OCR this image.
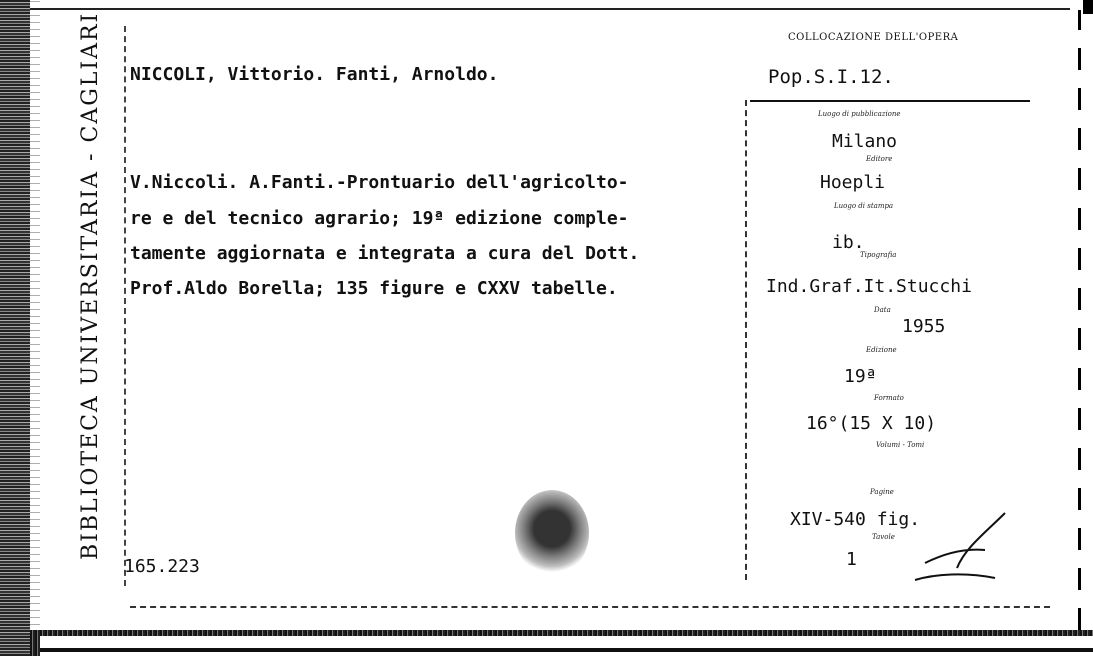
BIBLIOTECA UNIVERSITARIA - CAGLIARI NICCOLI, Vittorio. Fanti, Arnoldo.
V.Niccoli. A.Fanti.-Prontuario dell'agricolto-
re e del tecnico agrario; 19ª edizione comple-
tamente aggiornata e integrata a cura del Dott.
Prof.Aldo Borella; 135 figure e CXXV tabelle.
165.223
COLLOCAZIONE DELL'OPERA
Pop.S.I.12.
Luogo di pubblicazione
Milano
Editore
Hoepli
Luogo di stampa
ib.
Tipografia
Ind.Graf.It.Stucchi
Data
1955
Edizione
19ª
Formato
16°(15 X 10)
Volumi - Tomi
Pagine
XIV-540 fig.
Tavole
1
